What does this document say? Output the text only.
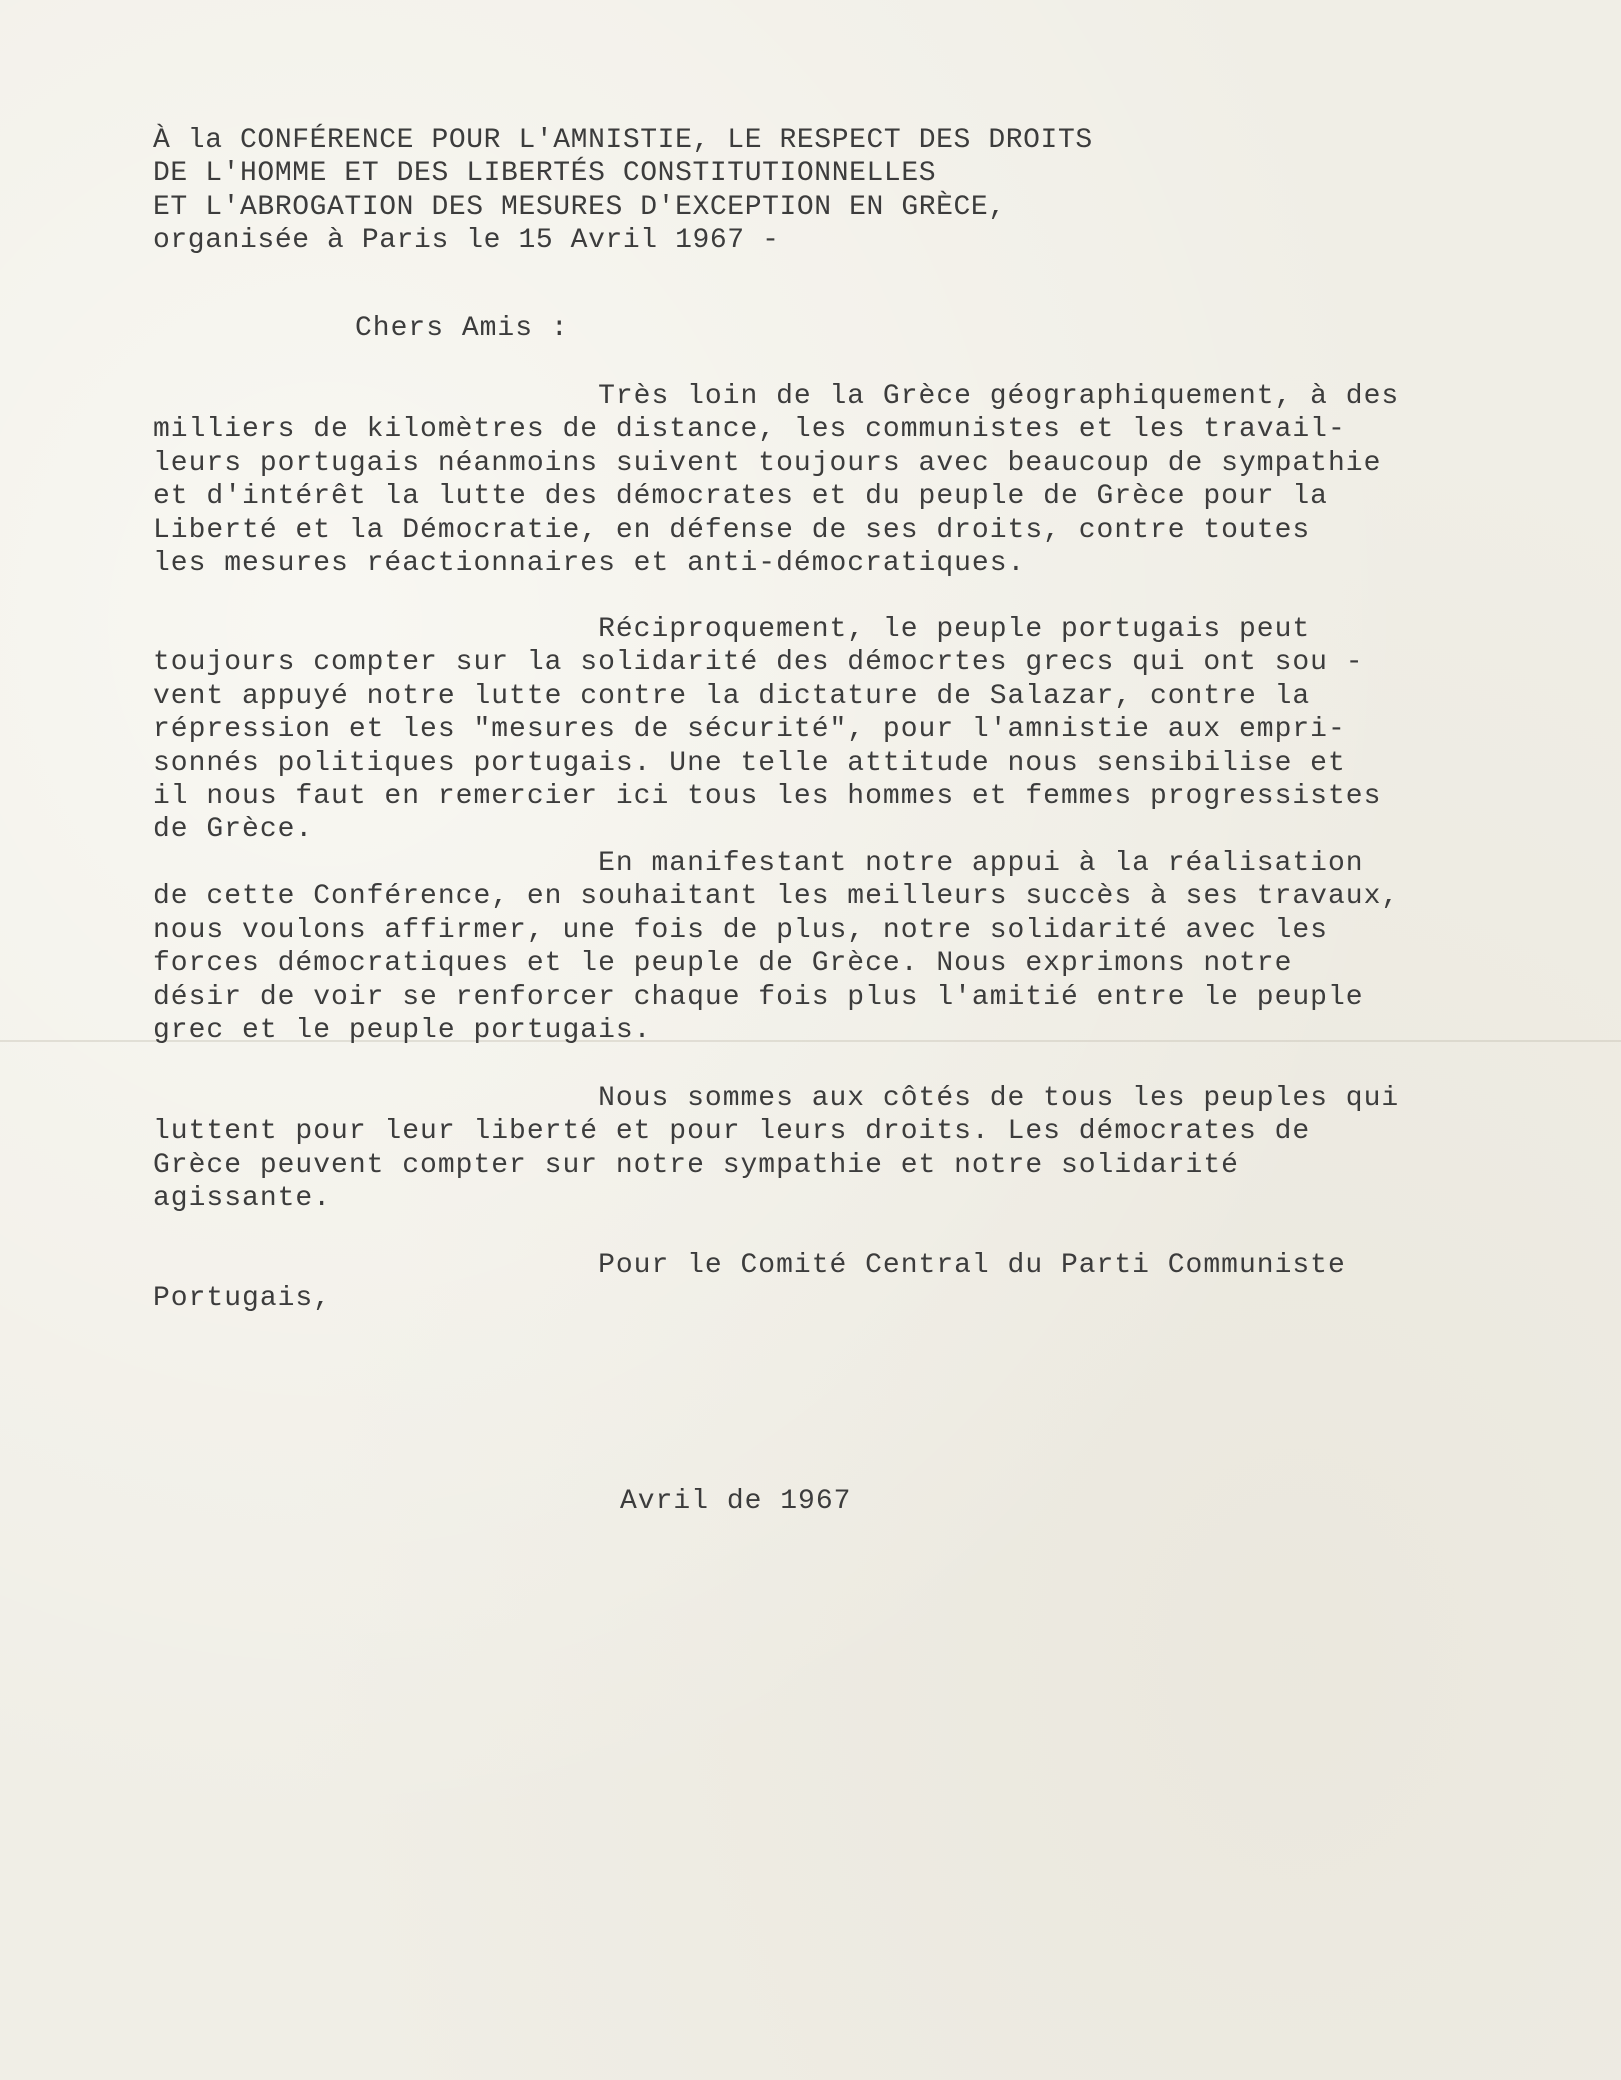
À la CONFÉRENCE POUR L'AMNISTIE, LE RESPECT DES DROITS
DE L'HOMME ET DES LIBERTÉS CONSTITUTIONNELLES
ET L'ABROGATION DES MESURES D'EXCEPTION EN GRÈCE,
organisée à Paris le 15 Avril 1967 -
Chers Amis :
Très loin de la Grèce géographiquement, à des
milliers de kilomètres de distance, les communistes et les travail-
leurs portugais néanmoins suivent toujours avec beaucoup de sympathie
et d'intérêt la lutte des démocrates et du peuple de Grèce pour la
Liberté et la Démocratie, en défense de ses droits, contre toutes
les mesures réactionnaires et anti-démocratiques.
Réciproquement, le peuple portugais peut
toujours compter sur la solidarité des démocrtes grecs qui ont sou -
vent appuyé notre lutte contre la dictature de Salazar, contre la
répression et les "mesures de sécurité", pour l'amnistie aux empri-
sonnés politiques portugais. Une telle attitude nous sensibilise et
il nous faut en remercier ici tous les hommes et femmes progressistes
de Grèce.
En manifestant notre appui à la réalisation
de cette Conférence, en souhaitant les meilleurs succès à ses travaux,
nous voulons affirmer, une fois de plus, notre solidarité avec les
forces démocratiques et le peuple de Grèce. Nous exprimons notre
désir de voir se renforcer chaque fois plus l'amitié entre le peuple
grec et le peuple portugais.
Nous sommes aux côtés de tous les peuples qui
luttent pour leur liberté et pour leurs droits. Les démocrates de
Grèce peuvent compter sur notre sympathie et notre solidarité
agissante.
Pour le Comité Central du Parti Communiste
Portugais,
Avril de 1967
